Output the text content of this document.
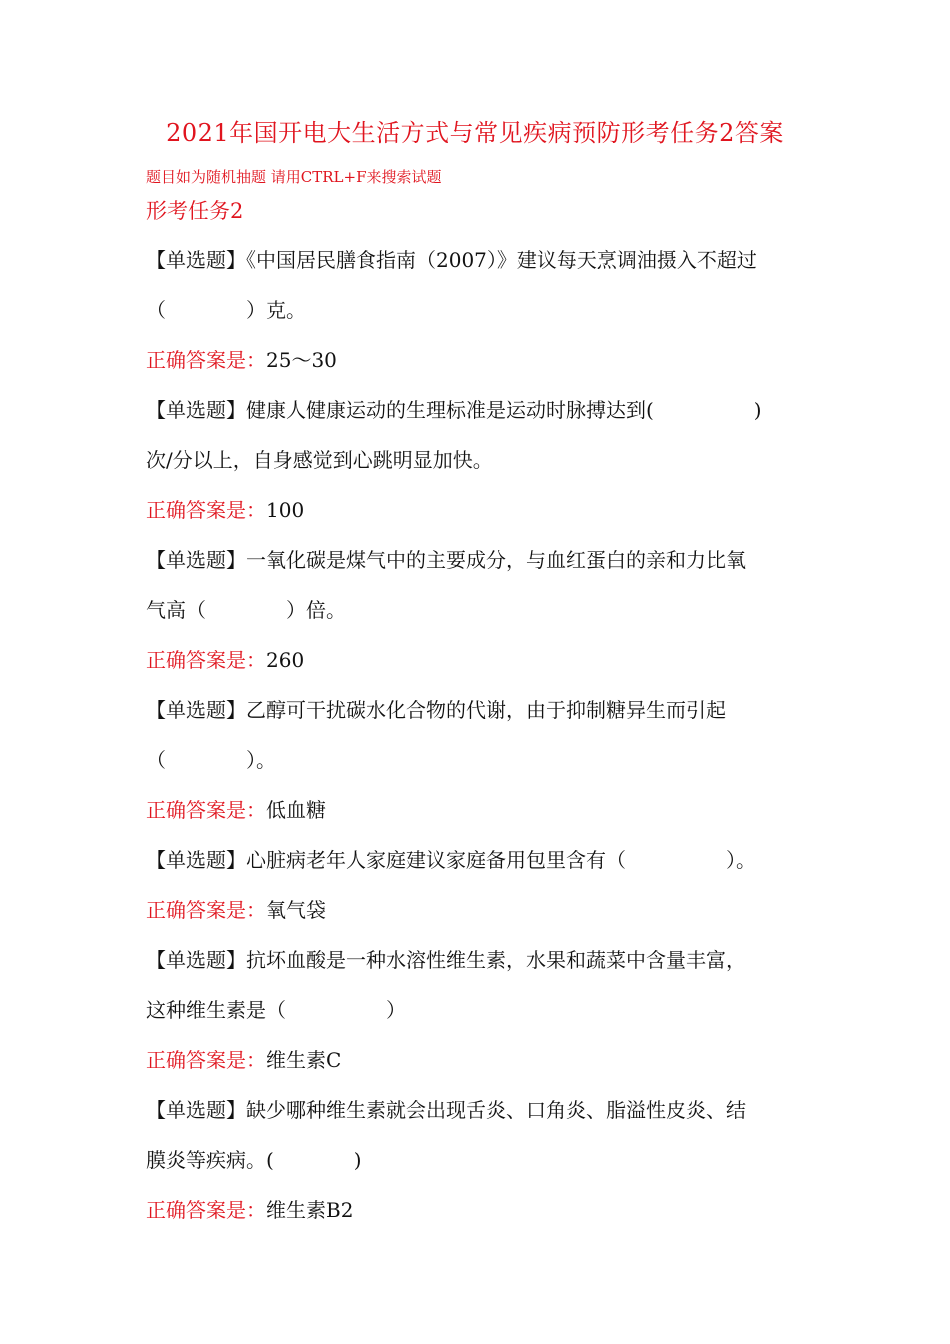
2021年国开电大生活方式与常见疾病预防形考任务2答案
题目如为随机抽题 请用CTRL+F来搜索试题
形考任务2
【单选题】《中国居民膳食指南（2007）》建议每天烹调油摄入不超过
（　　　　）克。
正确答案是：25～30
【单选题】健康人健康运动的生理标准是运动时脉搏达到(　　　　　)
次/分以上，自身感觉到心跳明显加快。
正确答案是：100
【单选题】一氧化碳是煤气中的主要成分，与血红蛋白的亲和力比氧
气高（　　　　）倍。
正确答案是：260
【单选题】乙醇可干扰碳水化合物的代谢，由于抑制糖异生而引起
（　　　　）。
正确答案是：低血糖
【单选题】心脏病老年人家庭建议家庭备用包里含有（　　　　　）。
正确答案是：氧气袋
【单选题】抗坏血酸是一种水溶性维生素，水果和蔬菜中含量丰富，
这种维生素是（　　　　　）
正确答案是：维生素C
【单选题】缺少哪种维生素就会出现舌炎、口角炎、脂溢性皮炎、结
膜炎等疾病。(　　　　)
正确答案是：维生素B2
